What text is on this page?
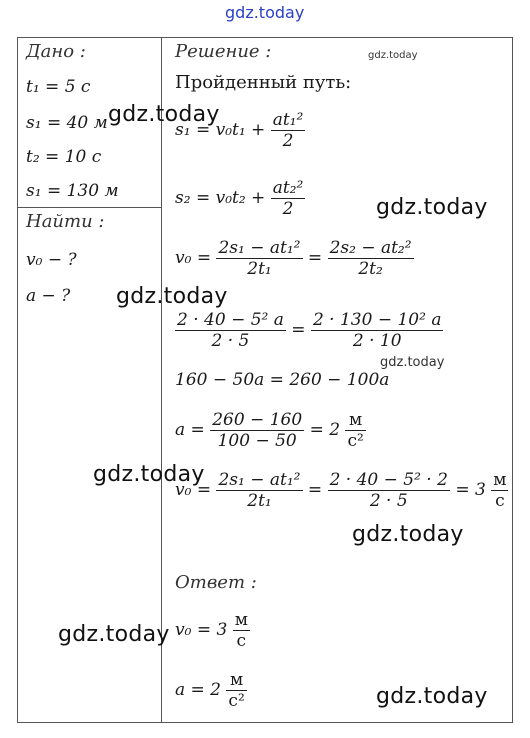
gdz.today
Дано :
t₁ = 5 с
s₁ = 40 м
t₂ = 10 с
s₁ = 130 м
Найти :
v₀ − ?
a − ?
Решение :
Пройденный путь:
$s_1 = v_0t_1 + \frac{\text{at₁²}}{2}$
$s_2 = v_0t_2 + \frac{\text{at₂²}}{2}$
$v_0 = \frac{\text{2s₁ − at₁²}}{\text{2t₁}} = \frac{\text{2s₂ − at₂²}}{\text{2t₂}}$
$\frac{\text{2 · 40 − 5² a}}{2 \cdot 5} = \frac{\text{2 · 130 − 10² a}}{2 \cdot 10}$
160 − 50a = 260 − 100a
$a = \frac{260 - 160}{100 - 50} = 2 \frac{м}{\text{с²}}$
$v_0 = \frac{\text{2s₁ − at₁²}}{\text{2t₁}} = \frac{\text{2 · 40 − 5² · 2}}{2 \cdot 5} = 3 \frac{м}{с}$
Ответ :
$v_0 = 3 \frac{м}{с}$
$a = 2 \frac{м}{\text{с²}}$
gdz.today
gdz.today
gdz.today
gdz.today
gdz.today
gdz.today
gdz.today
gdz.today
gdz.today
